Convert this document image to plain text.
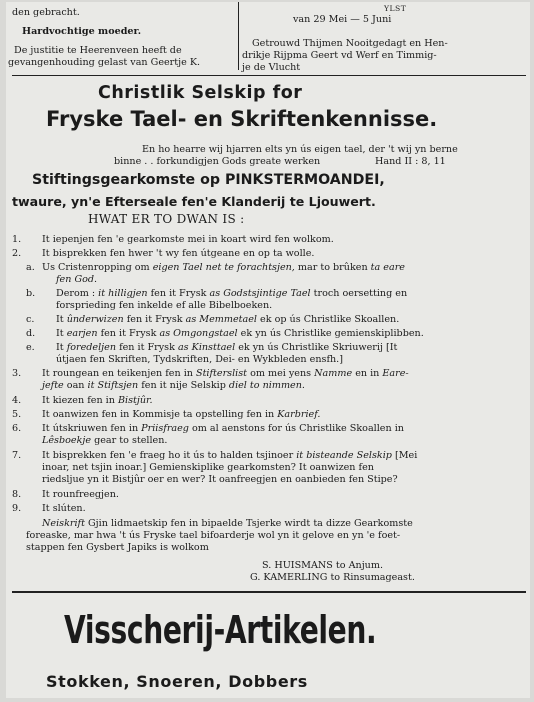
den gebracht.
Hardvochtige moeder.
De justitie te Heerenveen heeft de
gevangenhouding gelast van Geertje K.
YLST
van 29 Mei — 5 Juni
Getrouwd Thijmen Nooitgedagt en Hen-
drikje Rijpma Geert vd Werf en Timmig-
je de Vlucht
Christlik Selskip for
Fryske Tael- en Skriftenkennisse.
En ho hearre wij hjarren elts yn ús eigen tael, der 't wij yn berne
binne . . forkundigjen Gods greate werken	Hand II : 8, 11
Stiftingsgearkomste op PINKSTERMOANDEI,
twaure, yn'e Efterseale fen'e Klanderij te Ljouwert.
HWAT ER TO DWAN IS :
1. It iepenjen fen 'e gearkomste mei in koart wird fen wolkom.
2. It bisprekken fen hwer 't wy fen útgeane en op ta wolle.
a. Us Cristenropping om eigen Tael net te forachtsjen, mar to brûken ta eare
fen God.
b. Derom : it hilligjen fen it Frysk as Godstsjintige Tael troch oersetting en
forsprieding fen inkelde ef alle Bibelboeken.
c. It ûnderwizen fen it Frysk as Memmetael ek op ús Christlike Skoallen.
d. It earjen fen it Frysk as Omgongstael ek yn ús Christlike gemienskiplibben.
e. It foredeljen fen it Frysk as Kinsttael ek yn ús Christlike Skriuwerij [It
útjaen fen Skriften, Tydskriften, Dei- en Wykbleden ensfh.]
3. It roungean en teikenjen fen in Stifterslist om mei yens Namme en in Eare-
jefte oan it Stiftsjen fen it nije Selskip diel to nimmen.
4. It kiezen fen in Bistjûr.
5. It oanwizen fen in Kommisje ta opstelling fen in Karbrief.
6. It útskriuwen fen in Priisfraeg om al aenstons for ús Christlike Skoallen in
Lêsboekje gear to stellen.
7. It bisprekken fen 'e fraeg ho it ús to halden tsjinoer it bisteande Selskip [Mei
inoar, net tsjin inoar.] Gemienskiplike gearkomsten? It oanwizen fen
riedsljue yn it Bistjûr oer en wer? It oanfreegjen en oanbieden fen Stipe?
8. It rounfreegjen.
9. It slúten.
Neiskrift Gjin lidmaetskip fen in bipaelde Tsjerke wirdt ta dizze Gearkomste
foreaske, mar hwa 't ús Fryske tael bifoarderje wol yn it gelove en yn 'e foet-
stappen fen Gysbert Japiks is wolkom
S. HUISMANS to Anjum.
G. KAMERLING to Rinsumageast.
Visscherij-Artikelen.
Stokken, Snoeren, Dobbers
